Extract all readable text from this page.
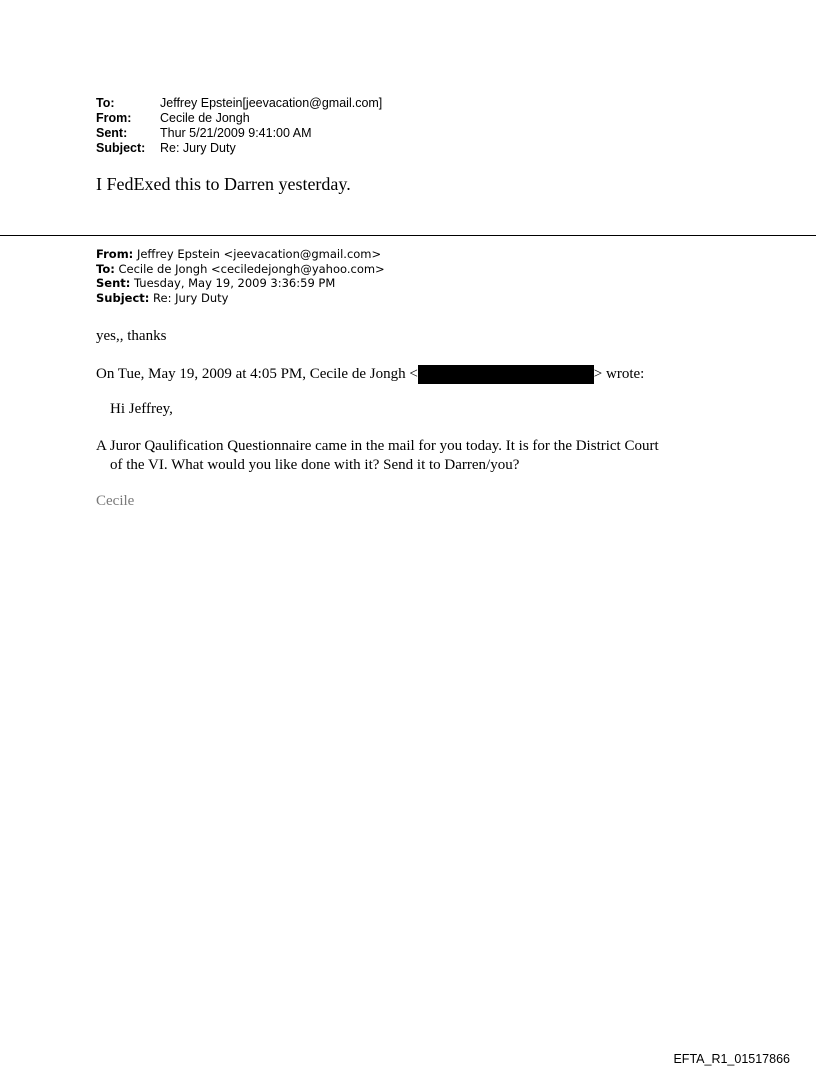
To:	Jeffrey Epstein[jeevacation@gmail.com]
From:	Cecile de Jongh
Sent:	Thur 5/21/2009 9:41:00 AM
Subject:	Re: Jury Duty
I FedExed this to Darren yesterday.
From: Jeffrey Epstein <jeevacation@gmail.com>
To: Cecile de Jongh <ceciledejongh@yahoo.com>
Sent: Tuesday, May 19, 2009 3:36:59 PM
Subject: Re: Jury Duty
yes,, thanks
On Tue, May 19, 2009 at 4:05 PM, Cecile de Jongh <	> wrote:
Hi Jeffrey,
A Juror Qaulification Questionnaire came in the mail for you today. It is for the District Court
of the VI. What would you like done with it? Send it to Darren/you?
Cecile
EFTA_R1_01517866
